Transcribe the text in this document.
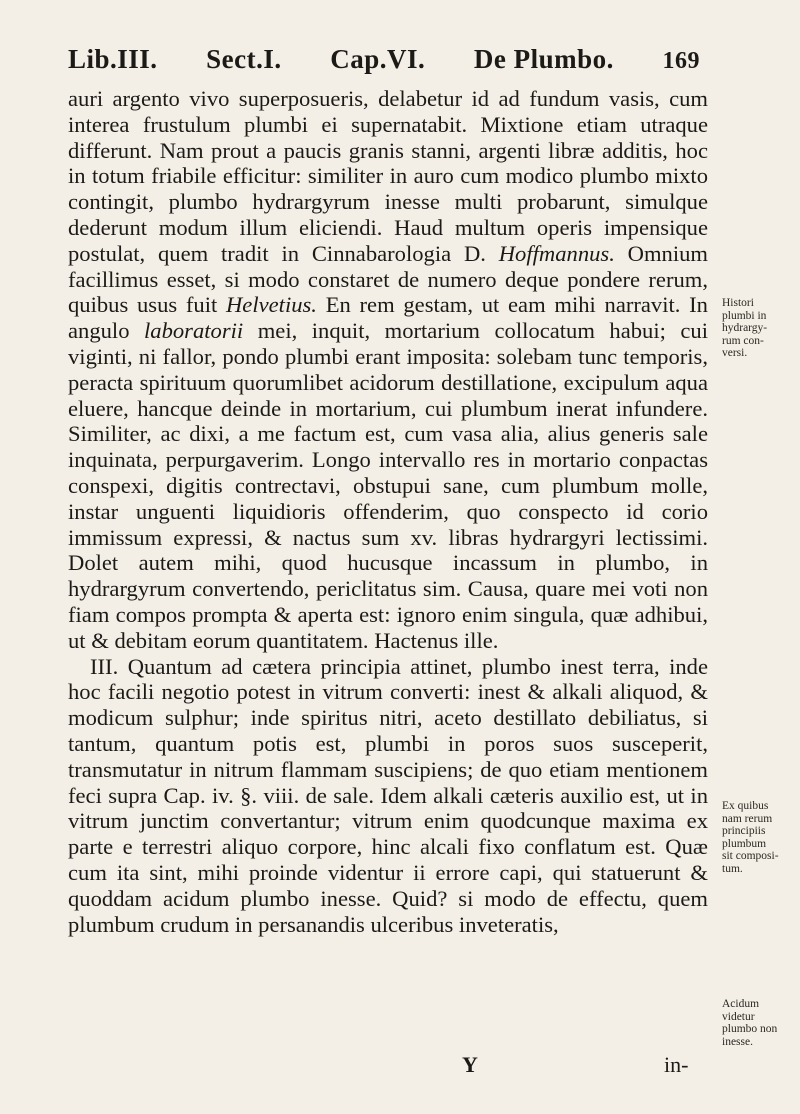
Lib.III. Sect.I. Cap.VI. De Plumbo. 169

auri argento vivo superposueris, delabetur id ad fundum vasis, cum interea frustulum plumbi ei supernatabit. Mixtione etiam utraque differunt. Nam prout a paucis granis stanni, argenti libræ additis, hoc in totum friabile efficitur: similiter in auro cum modico plumbo mixto contingit, plumbo hydrargyrum inesse multi probarunt, simulque dederunt modum illum eliciendi. Haud multum operis impensique postulat, quem tradit in Cinnabarologia D. Hoffmannus. Omnium facillimus esset, si modo constaret de numero deque pondere rerum, quibus usus fuit Helvetius. En rem gestam, ut eam mihi narravit. In angulo laboratorii mei, inquit, mortarium collocatum habui; cui viginti, ni fallor, pondo plumbi erant imposita: solebam tunc temporis, peracta spirituum quorumlibet acidorum destillatione, excipulum aqua eluere, hancque deinde in mortarium, cui plumbum inerat infundere. Similiter, ac dixi, a me factum est, cum vasa alia, alius generis sale inquinata, perpurgaverim. Longo intervallo res in mortario conpactas conspexi, digitis contrectavi, obstupui sane, cum plumbum molle, instar unguenti liquidioris offenderim, quo conspecto id corio immissum expressi, & nactus sum xv. libras hydrargyri lectissimi. Dolet autem mihi, quod hucusque incassum in plumbo, in hydrargyrum convertendo, periclitatus sim. Causa, quare mei voti non fiam compos prompta & aperta est: ignoro enim singula, quæ adhibui, ut & debitam eorum quantitatem. Hactenus ille.

III. Quantum ad cætera principia attinet, plumbo inest terra, inde hoc facili negotio potest in vitrum converti: inest & alkali aliquod, & modicum sulphur; inde spiritus nitri, aceto destillato debiliatus, si tantum, quantum potis est, plumbi in poros suos susceperit, transmutatur in nitrum flammam suscipiens; de quo etiam mentionem feci supra Cap. iv. §. viii. de sale. Idem alkali cæteris auxilio est, ut in vitrum junctim convertantur; vitrum enim quodcunque maxima ex parte e terrestri aliquo corpore, hinc alcali fixo conflatum est. Quæ cum ita sint, mihi proinde videntur ii errore capi, qui statuerunt & quoddam acidum plumbo inesse. Quid? si modo de effectu, quem plumbum crudum in persanandis ulceribus inveteratis,

Histori
plumbi in
hydrargy-
rum con-
versi.
Ex quibus
nam rerum
principiis
plumbum
sit composi-
tum.
Acidum
videtur
plumbo non
inesse.
Y	in-
